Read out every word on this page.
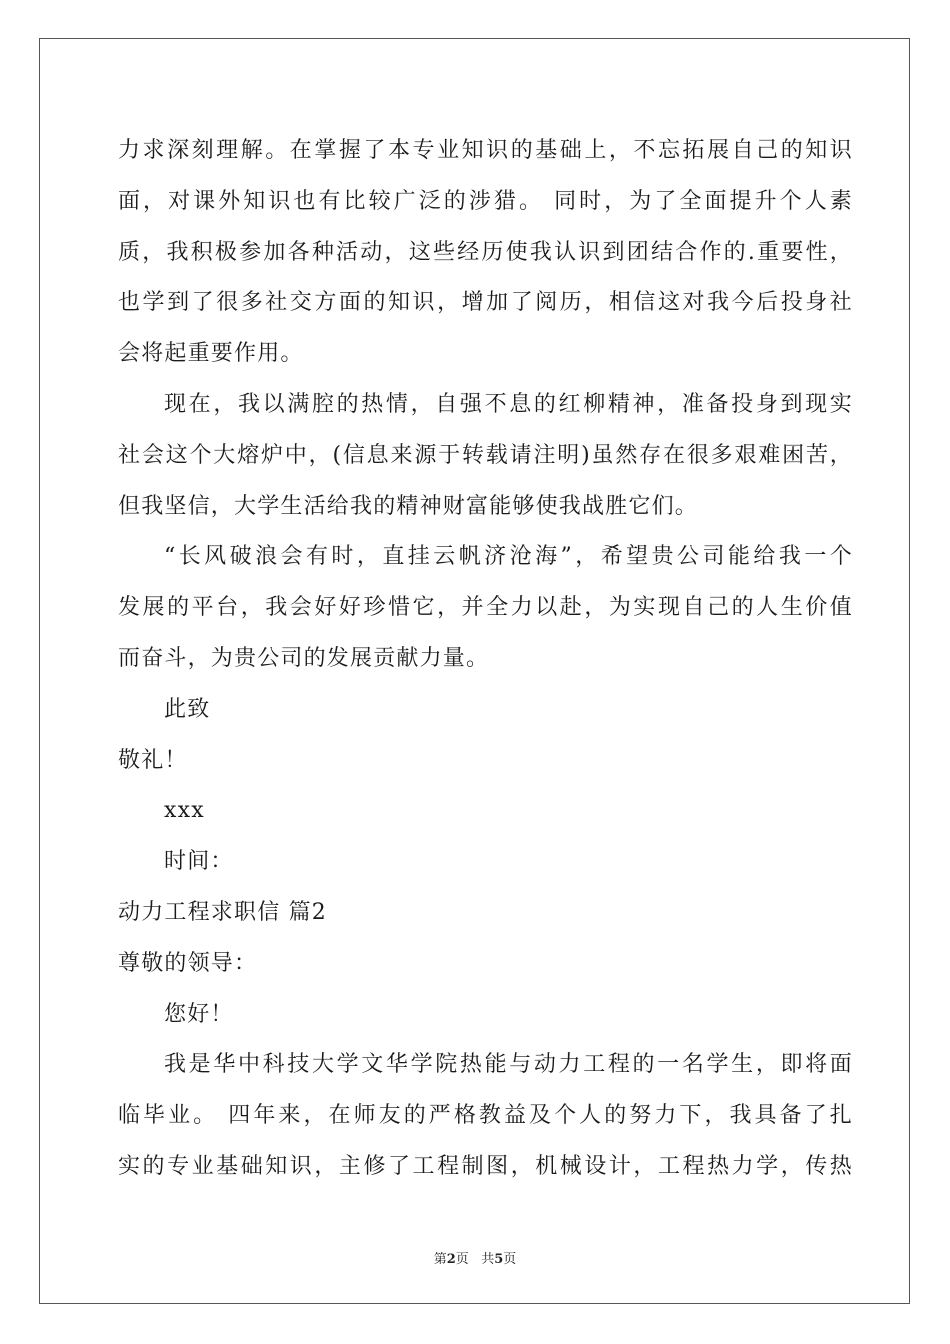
力求深刻理解。在掌握了本专业知识的基础上，不忘拓展自己的知识
面，对课外知识也有比较广泛的涉猎。 同时，为了全面提升个人素
质，我积极参加各种活动，这些经历使我认识到团结合作的.重要性，
也学到了很多社交方面的知识，增加了阅历，相信这对我今后投身社
会将起重要作用。
现在，我以满腔的热情，自强不息的红柳精神，准备投身到现实
社会这个大熔炉中，(信息来源于转载请注明)虽然存在很多艰难困苦，
但我坚信，大学生活给我的精神财富能够使我战胜它们。
“长风破浪会有时，直挂云帆济沧海”，希望贵公司能给我一个
发展的平台，我会好好珍惜它，并全力以赴，为实现自己的人生价值
而奋斗，为贵公司的发展贡献力量。
此致
敬礼！
xxx
时间：
动力工程求职信 篇2
尊敬的领导：
您好！
我是华中科技大学文华学院热能与动力工程的一名学生，即将面
临毕业。 四年来，在师友的严格教益及个人的努力下，我具备了扎
实的专业基础知识，主修了工程制图，机械设计，工程热力学，传热
第2页 共5页
